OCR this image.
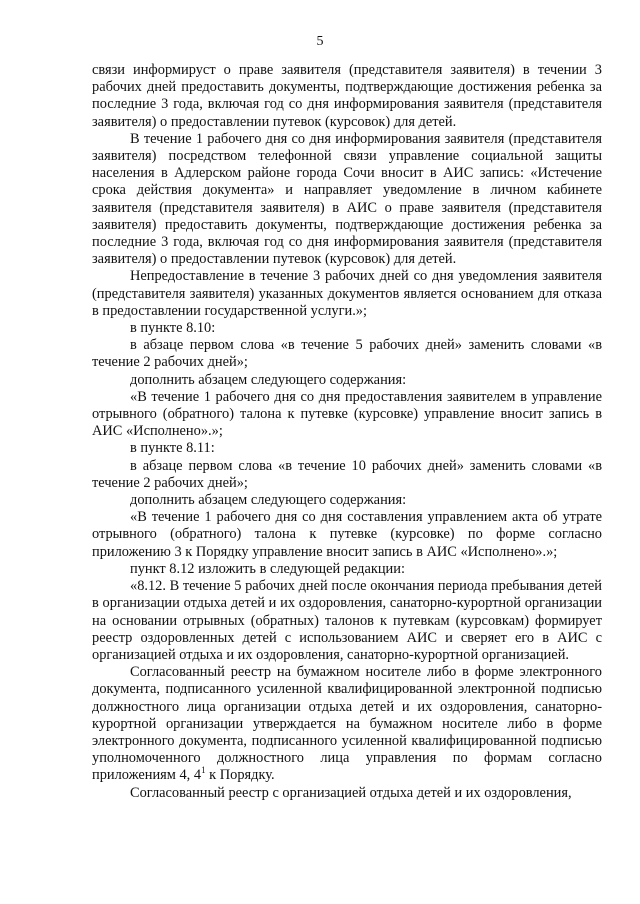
5

связи информируст о праве заявителя (представителя заявителя) в течении 3 рабочих дней предоставить документы, подтверждающие достижения ребенка за последние 3 года, включая год со дня информирования заявителя (представителя заявителя) о предоставлении путевок (курсовок) для детей.

В течение 1 рабочего дня со дня информирования заявителя (представителя заявителя) посредством телефонной связи управление социальной защиты населения в Адлерском районе города Сочи вносит в АИС запись: «Истечение срока действия документа» и направляет уведомление в личном кабинете заявителя (представителя заявителя) в АИС о праве заявителя (представителя заявителя) предоставить документы, подтверждающие достижения ребенка за последние 3 года, включая год со дня информирования заявителя (представителя заявителя) о предоставлении путевок (курсовок) для детей.

Непредоставление в течение 3 рабочих дней со дня уведомления заявителя (представителя заявителя) указанных документов является основанием для отказа в предоставлении государственной услуги.»;

в пункте 8.10:

в абзаце первом слова «в течение 5 рабочих дней» заменить словами «в течение 2 рабочих дней»;

дополнить абзацем следующего содержания:

«В течение 1 рабочего дня со дня предоставления заявителем в управление отрывного (обратного) талона к путевке (курсовке) управление вносит запись в АИС «Исполнено».»;

в пункте 8.11:

в абзаце первом слова «в течение 10 рабочих дней» заменить словами «в течение 2 рабочих дней»;

дополнить абзацем следующего содержания:

«В течение 1 рабочего дня со дня составления управлением акта об утрате отрывного (обратного) талона к путевке (курсовке) по форме согласно приложению 3 к Порядку управление вносит запись в АИС «Исполнено».»;

пункт 8.12 изложить в следующей редакции:

«8.12. В течение 5 рабочих дней после окончания периода пребывания детей в организации отдыха детей и их оздоровления, санаторно-курортной организации на основании отрывных (обратных) талонов к путевкам (курсовкам) формирует реестр оздоровленных детей с использованием АИС и сверяет его в АИС с организацией отдыха и их оздоровления, санаторно-курортной организацией.

Согласованный реестр на бумажном носителе либо в форме электронного документа, подписанного усиленной квалифицированной электронной подписью должностного лица организации отдыха детей и их оздоровления, санаторно-курортной организации утверждается на бумажном носителе либо в форме электронного документа, подписанного усиленной квалифицированной подписью уполномоченного должностного лица управления по формам согласно приложениям 4, $4^1$ к Порядку.

Согласованный реестр с организацией отдыха детей и их оздоровления,
